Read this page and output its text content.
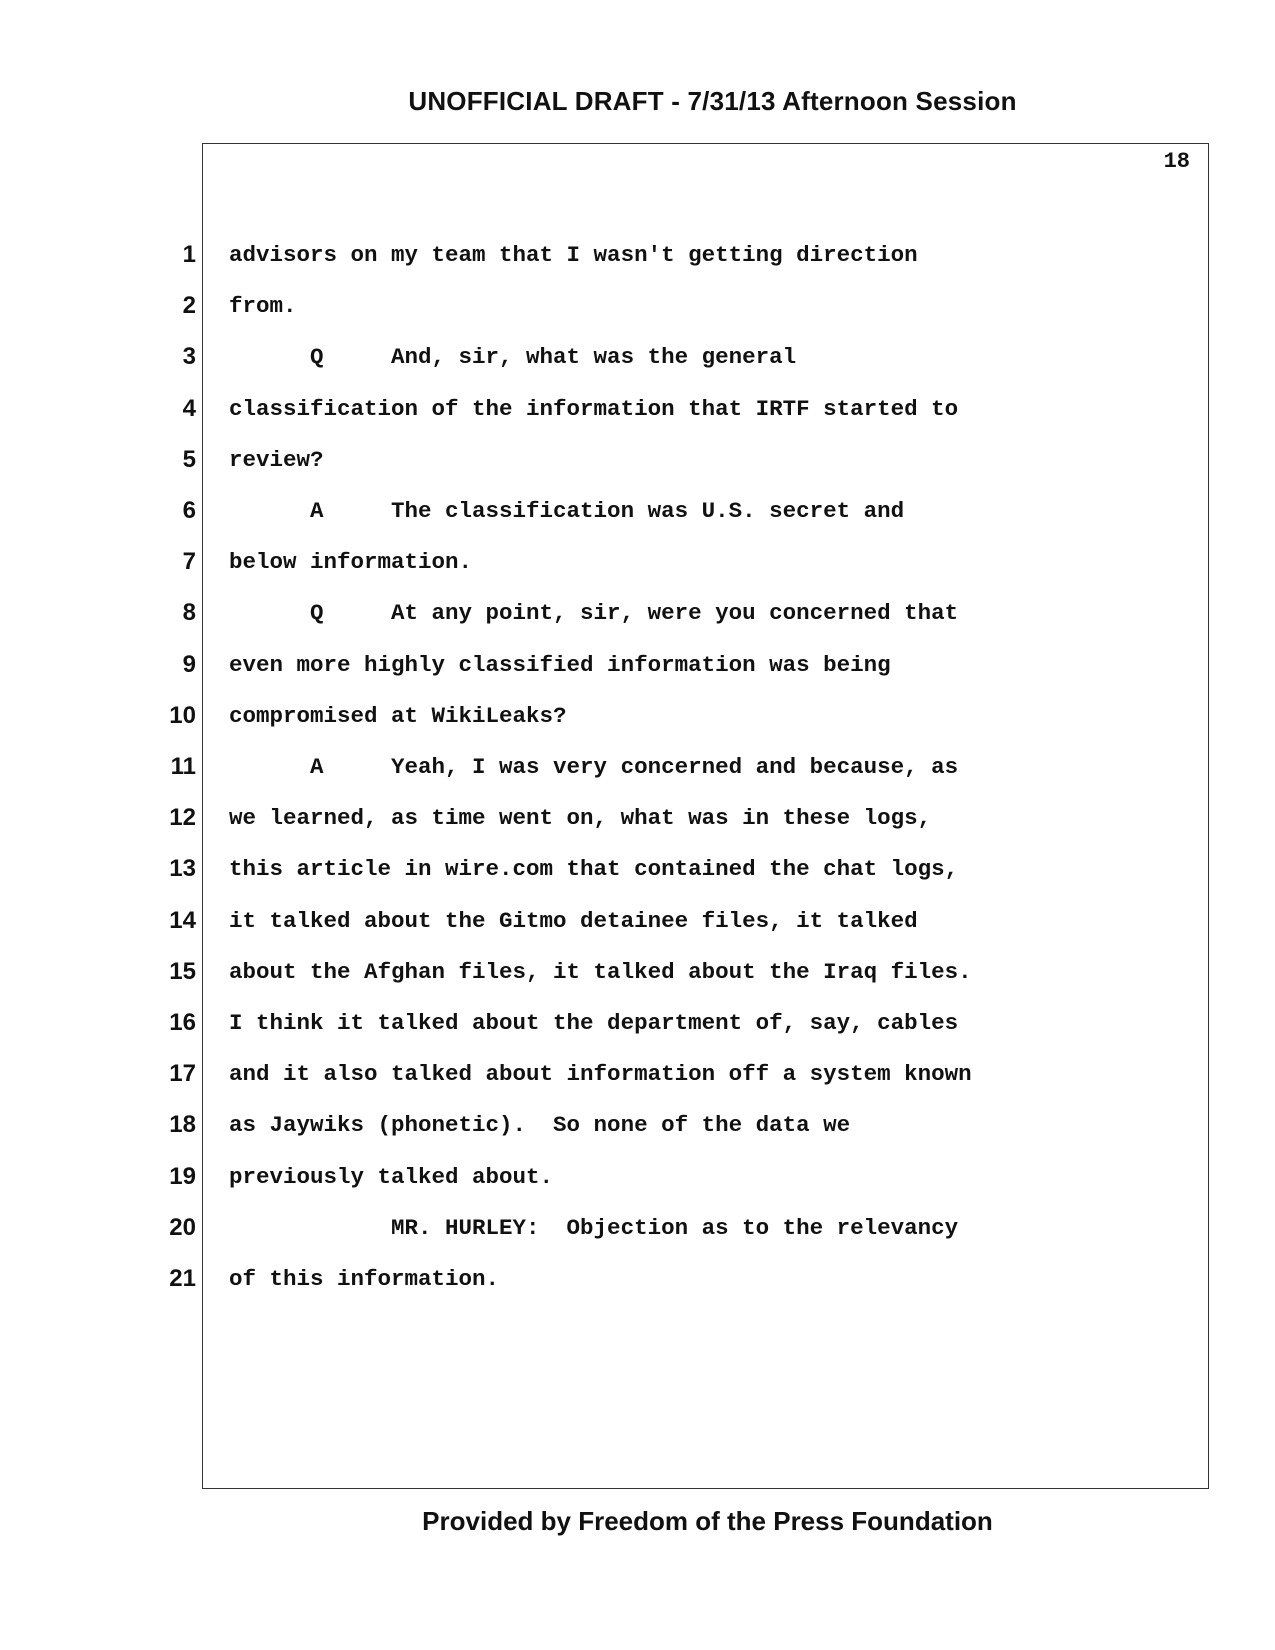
UNOFFICIAL DRAFT - 7/31/13 Afternoon Session
18
1 advisors on my team that I wasn't getting direction
2 from.
3 Q     And, sir, what was the general
4 classification of the information that IRTF started to
5 review?
6 A     The classification was U.S. secret and
7 below information.
8 Q     At any point, sir, were you concerned that
9 even more highly classified information was being
10 compromised at WikiLeaks?
11 A     Yeah, I was very concerned and because, as
12 we learned, as time went on, what was in these logs,
13 this article in wire.com that contained the chat logs,
14 it talked about the Gitmo detainee files, it talked
15 about the Afghan files, it talked about the Iraq files.
16 I think it talked about the department of, say, cables
17 and it also talked about information off a system known
18 as Jaywiks (phonetic).  So none of the data we
19 previously talked about.
20 MR. HURLEY:  Objection as to the relevancy
21 of this information.
Provided by Freedom of the Press Foundation
